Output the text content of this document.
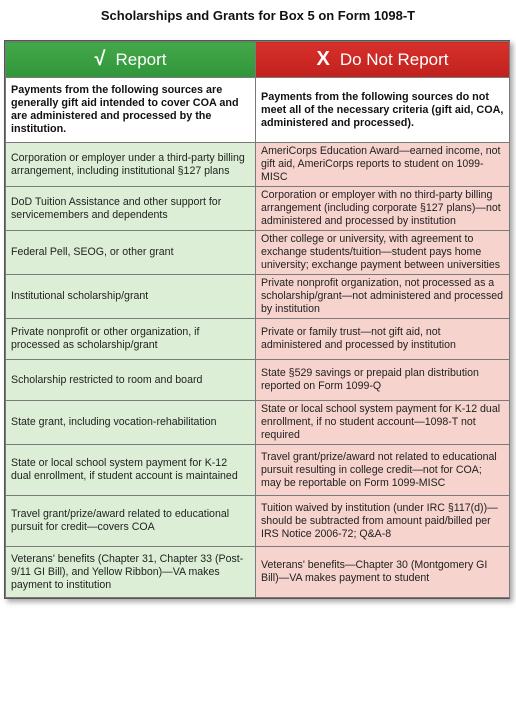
Scholarships and Grants for Box 5 on Form 1098-T
√ Report	X Do Not Report

Payments from the following sources are generally gift aid intended to cover COA and are administered and processed by the institution.	Payments from the following sources do not meet all of the necessary criteria (gift aid, COA, administered and processed).
Corporation or employer under a third-party billing arrangement, including institutional §127 plans	AmeriCorps Education Award—earned income, not gift aid, AmeriCorps reports to student on 1099-MISC
DoD Tuition Assistance and other support for servicemembers and dependents	Corporation or employer with no third-party billing arrangement (including corporate §127 plans)—not administered and processed by institution
Federal Pell, SEOG, or other grant	Other college or university, with agreement to exchange students/tuition—student pays home university; exchange payment between universities
Institutional scholarship/grant	Private nonprofit organization, not processed as a scholarship/grant—not administered and processed by institution
Private nonprofit or other organization, if processed as scholarship/grant	Private or family trust—not gift aid, not administered and processed by institution
Scholarship restricted to room and board	State §529 savings or prepaid plan distribution reported on Form 1099-Q
State grant, including vocation-rehabilitation	State or local school system payment for K-12 dual enrollment, if no student account—1098-T not required
State or local school system payment for K-12 dual enrollment, if student account is maintained	Travel grant/prize/award not related to educational pursuit resulting in college credit—not for COA; may be reportable on Form 1099-MISC
Travel grant/prize/award related to educational pursuit for credit—covers COA	Tuition waived by institution (under IRC §117(d))—should be subtracted from amount paid/billed per IRS Notice 2006-72; Q&A-8
Veterans' benefits (Chapter 31, Chapter 33 (Post-9/11 GI Bill), and Yellow Ribbon)—VA makes payment to institution	Veterans' benefits—Chapter 30 (Montgomery GI Bill)—VA makes payment to student
